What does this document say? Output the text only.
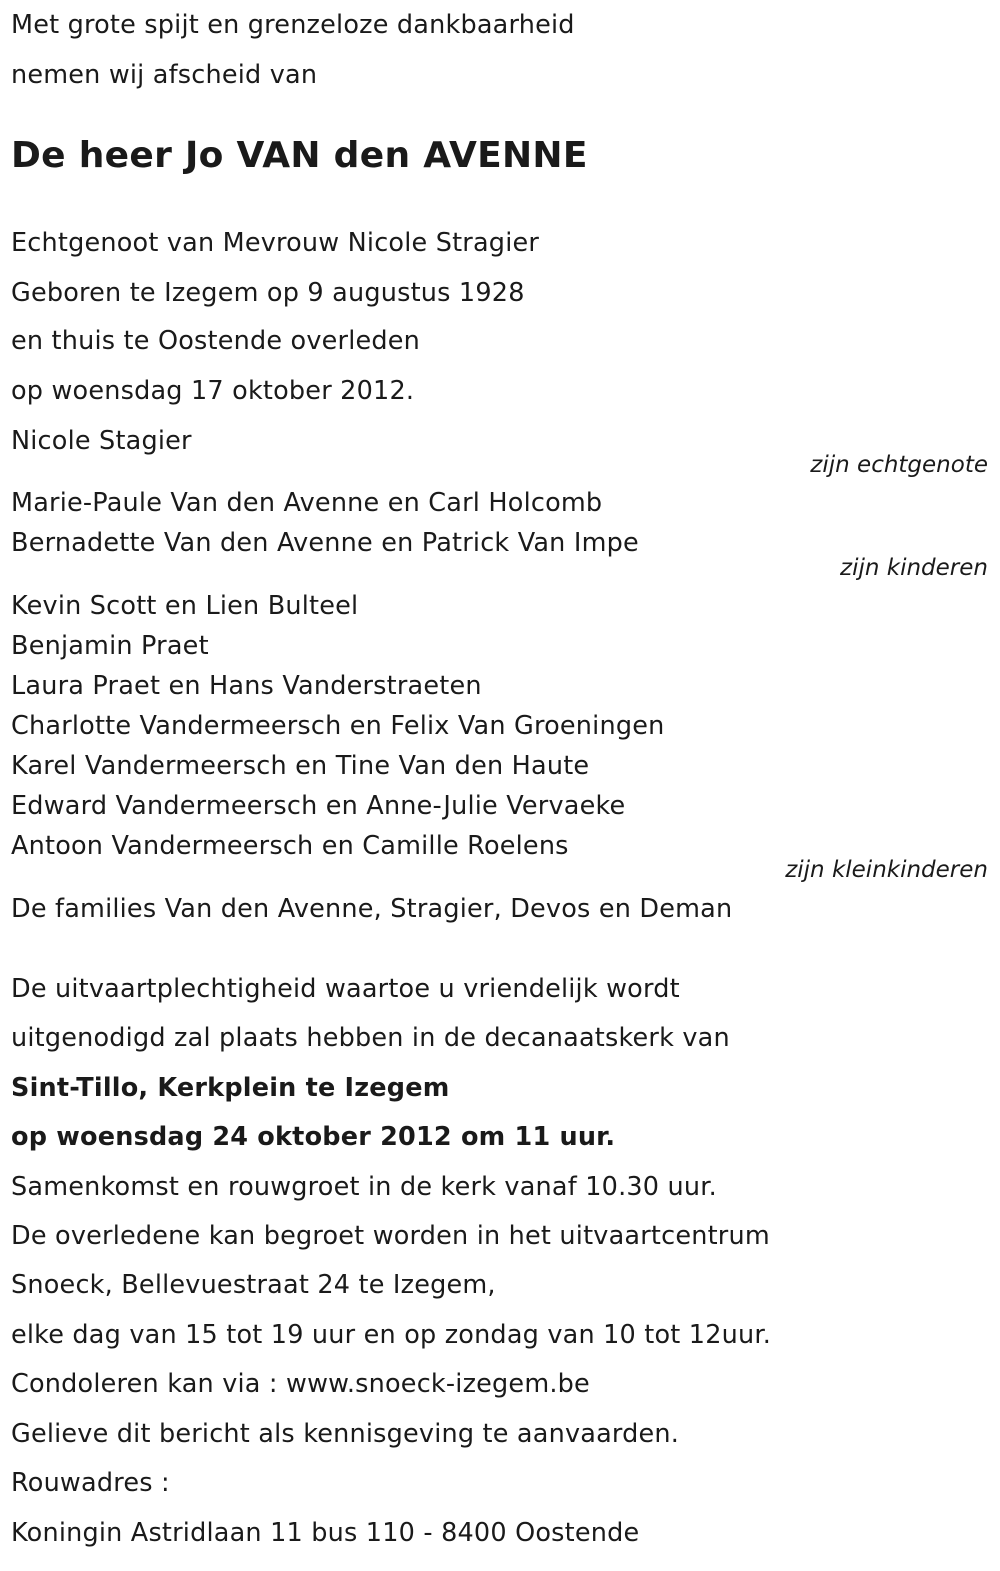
Met grote spijt en grenzeloze dankbaarheid
nemen wij afscheid van
De heer Jo VAN den AVENNE
Echtgenoot van Mevrouw Nicole Stragier
Geboren te Izegem op 9 augustus 1928
en thuis te Oostende overleden
op woensdag 17 oktober 2012.
Nicole Stagier
zijn echtgenote
Marie-Paule Van den Avenne en Carl Holcomb
Bernadette Van den Avenne en Patrick Van Impe
zijn kinderen
Kevin Scott en Lien Bulteel
Benjamin Praet
Laura Praet en Hans Vanderstraeten
Charlotte Vandermeersch en Felix Van Groeningen
Karel Vandermeersch en Tine Van den Haute
Edward Vandermeersch en Anne-Julie Vervaeke
Antoon Vandermeersch en Camille Roelens
zijn kleinkinderen
De families Van den Avenne, Stragier, Devos en Deman
De uitvaartplechtigheid waartoe u vriendelijk wordt
uitgenodigd zal plaats hebben in de decanaatskerk van
Sint-Tillo, Kerkplein te Izegem
op woensdag 24 oktober 2012 om 11 uur.
Samenkomst en rouwgroet in de kerk vanaf 10.30 uur.
De overledene kan begroet worden in het uitvaartcentrum
Snoeck, Bellevuestraat 24 te Izegem,
elke dag van 15 tot 19 uur en op zondag van 10 tot 12uur.
Condoleren kan via : www.snoeck-izegem.be
Gelieve dit bericht als kennisgeving te aanvaarden.
Rouwadres :
Koningin Astridlaan 11 bus 110 - 8400 Oostende
